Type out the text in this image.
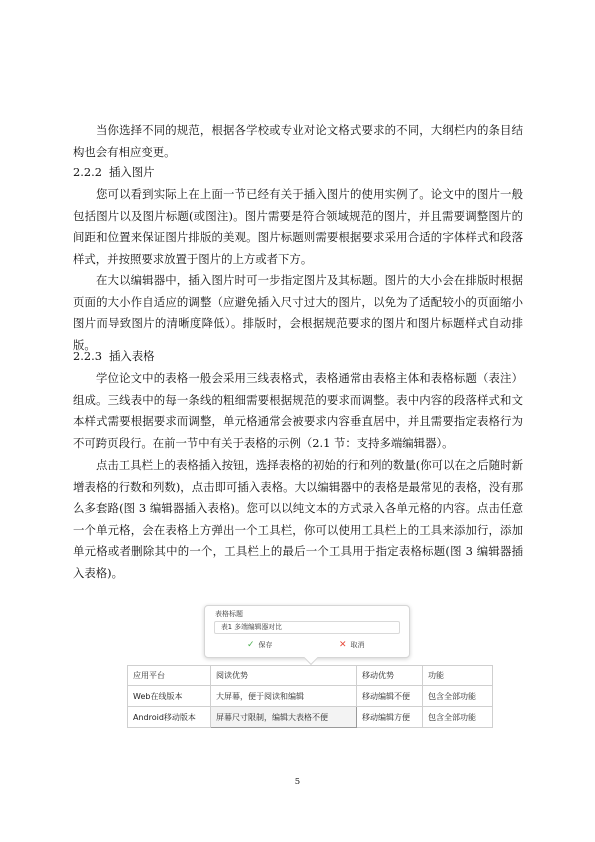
当你选择不同的规范，根据各学校或专业对论文格式要求的不同，大纲栏内的条目结构也会有相应变更。

2.2.2 插入图片

您可以看到实际上在上面一节已经有关于插入图片的使用实例了。论文中的图片一般包括图片以及图片标题(或图注)。图片需要是符合领域规范的图片，并且需要调整图片的间距和位置来保证图片排版的美观。图片标题则需要根据要求采用合适的字体样式和段落样式，并按照要求放置于图片的上方或者下方。

在大以编辑器中，插入图片时可一步指定图片及其标题。图片的大小会在排版时根据页面的大小作自适应的调整（应避免插入尺寸过大的图片，以免为了适配较小的页面缩小图片而导致图片的清晰度降低）。排版时，会根据规范要求的图片和图片标题样式自动排版。

2.2.3 插入表格

学位论文中的表格一般会采用三线表格式，表格通常由表格主体和表格标题（表注）组成。三线表中的每一条线的粗细需要根据规范的要求而调整。表中内容的段落样式和文本样式需要根据要求而调整，单元格通常会被要求内容垂直居中，并且需要指定表格行为不可跨页段行。在前一节中有关于表格的示例（2.1 节：支持多端编辑器）。

点击工具栏上的表格插入按钮，选择表格的初始的行和列的数量(你可以在之后随时新增表格的行数和列数)，点击即可插入表格。大以编辑器中的表格是最常见的表格，没有那么多套路(图 3 编辑器插入表格)。您可以以纯文本的方式录入各单元格的内容。点击任意一个单元格，会在表格上方弹出一个工具栏，你可以使用工具栏上的工具来添加行，添加单元格或者删除其中的一个，工具栏上的最后一个工具用于指定表格标题(图 3 编辑器插入表格)。

表格标题
表1 多端编辑器对比
✓ 保存	✕ 取消
应用平台	阅读优势	移动优势	功能
Web在线版本	大屏幕，便于阅读和编辑	移动编辑不便	包含全部功能
Android移动版本	屏幕尺寸限制，编辑大表格不便	移动编辑方便	包含全部功能
5
